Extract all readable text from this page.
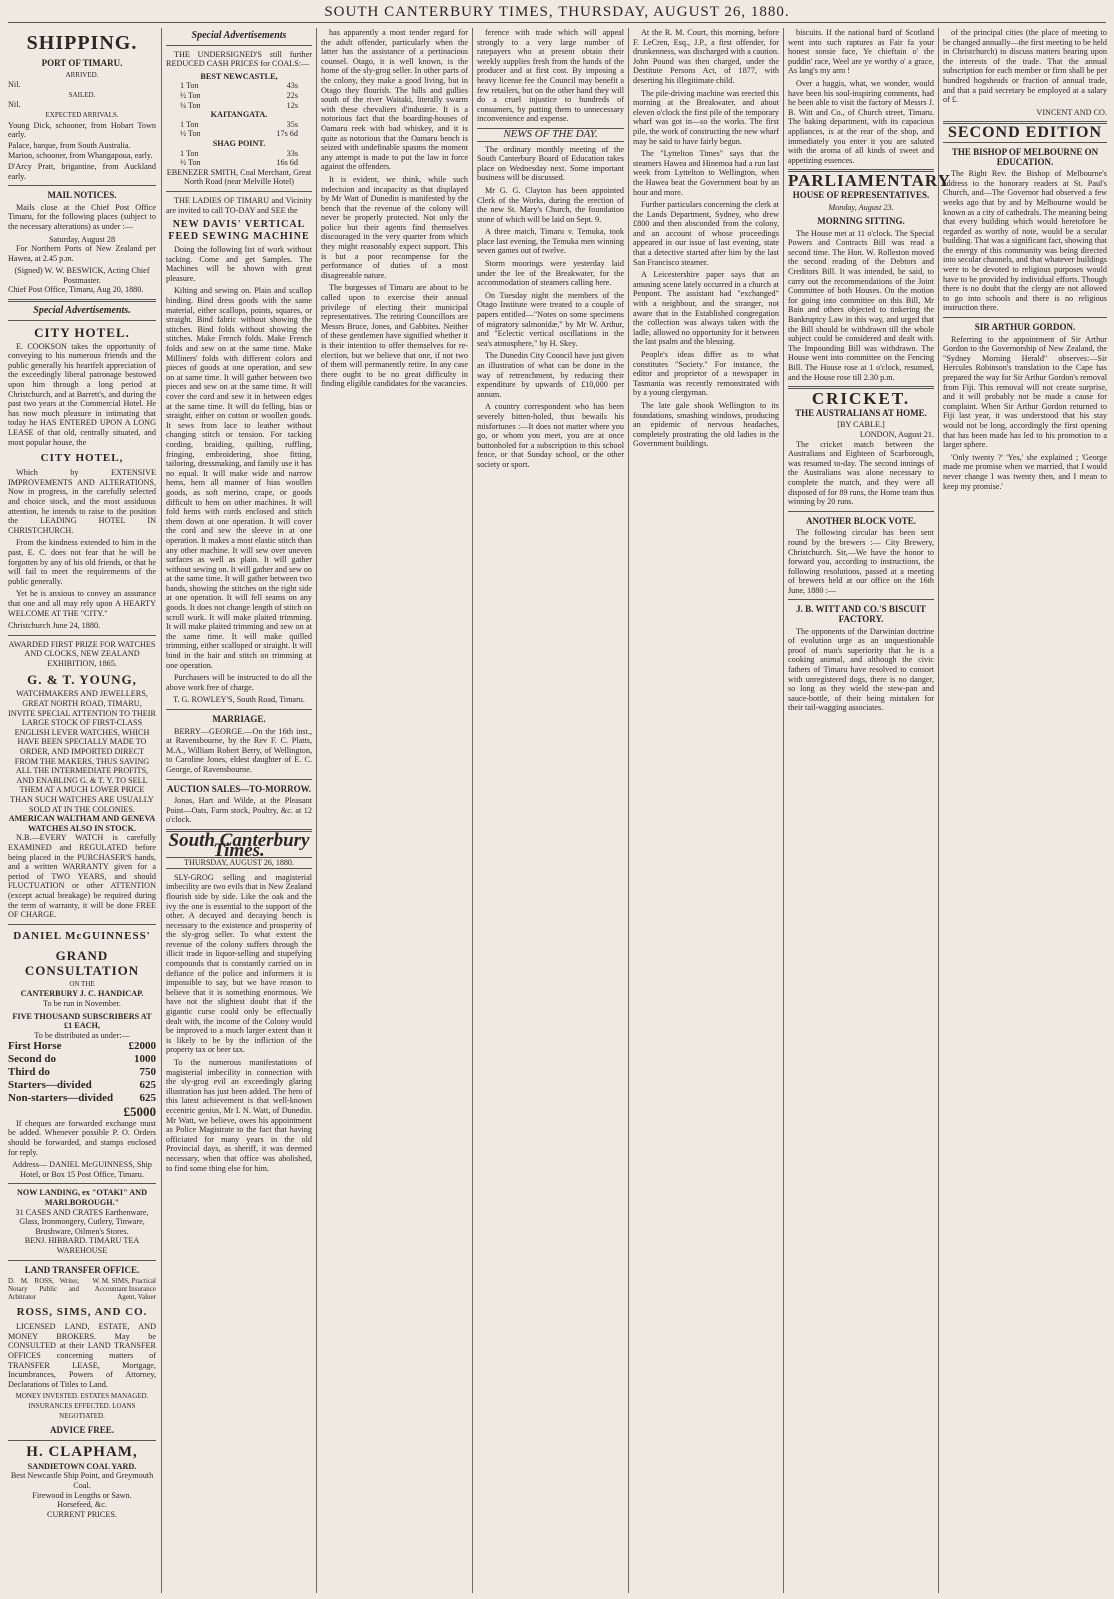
SOUTH CANTERBURY TIMES, THURSDAY, AUGUST 26, 1880.
SHIPPING.
PORT OF TIMARU.
ARRIVED.
Nil.
SAILED.
Nil.
EXPECTED ARRIVALS.
Young Dick, schooner, from Hobart Town early.
Palace, barque, from South Australia.
Marion, schooner, from Whangapoua, early.
D'Arcy Pratt, brigantine, from Auckland early.
MAIL NOTICES.

Mails close at the Chief Post Office Timaru, for the following places (subject to the necessary alterations) as under :—

Saturday, August 28

For Northern Ports of New Zealand per Hawea, at 2.45 p.m.

(Signed) W. W. BESWICK, Acting Chief Postmaster.
Chief Post Office, Timaru, Aug 20, 1880.
Special Advertisements.
CITY HOTEL.

E. COOKSON takes the opportunity of conveying to his numerous friends and the public generally his heartfelt appreciation of the exceedingly liberal patronage bestowed upon him through a long period at Christchurch, and at Barrett's, and during the past two years at the Commercial Hotel. He has now much pleasure in intimating that today he HAS ENTERED UPON A LONG LEASE of that old, centrally situated, and most popular house, the

CITY HOTEL,

Which by EXTENSIVE IMPROVEMENTS AND ALTERATIONS, Now in progress, in the carefully selected and choice stock, and the most assiduous attention, he intends to raise to the position the LEADING HOTEL IN CHRISTCHURCH.

From the kindness extended to him in the past, E. C. does not fear that he will be forgotten by any of his old friends, or that he will fail to meet the requirements of the public generally.

Yet he is anxious to convey an assurance that one and all may rely upon A HEARTY WELCOME AT THE "CITY."

Christchurch June 24, 1880.
AWARDED FIRST PRIZE FOR WATCHES AND CLOCKS, NEW ZEALAND EXHIBITION, 1865.
G. & T. YOUNG,
WATCHMAKERS AND JEWELLERS, GREAT NORTH ROAD, TIMARU, INVITE SPECIAL ATTENTION TO THEIR LARGE STOCK OF FIRST-CLASS ENGLISH LEVER WATCHES, WHICH HAVE BEEN SPECIALLY MADE TO ORDER, AND IMPORTED DIRECT FROM THE MAKERS, THUS SAVING ALL THE INTERMEDIATE PROFITS, AND ENABLING G. & T. Y. TO SELL THEM AT A MUCH LOWER PRICE THAN SUCH WATCHES ARE USUALLY SOLD AT IN THE COLONIES.
AMERICAN WALTHAM AND GENEVA WATCHES ALSO IN STOCK.

N.B.—EVERY WATCH is carefully EXAMINED and REGULATED before being placed in the PURCHASER'S hands, and a written WARRANTY given for a period of TWO YEARS, and should FLUCTUATION or other ATTENTION (except actual breakage) be required during the term of warranty, it will be done FREE OF CHARGE.

DANIEL McGUINNESS'
GRAND CONSULTATION
ON THE
CANTERBURY J. C. HANDICAP.
To be run in November.
FIVE THOUSAND SUBSCRIBERS AT £1 EACH,
To be distributed as under:—
First Horse	£2000
Second do	1000
Third do	750
Starters—divided	625
Non-starters—divided 625
£5000

If cheques are forwarded exchange must be added. Whenever possible P. O. Orders should be forwarded, and stamps enclosed for reply.

Address— DANIEL McGUINNESS, Ship Hotel, or Box 15 Post Office, Timaru.
NOW LANDING, ex "OTAKI" AND MARLBOROUGH."
31 CASES AND CRATES Earthenware, Glass, Ironmongery, Cutlery, Tinware, Brushware, Oilmen's Stores.
BENJ. HIBBARD. TIMARU TEA WAREHOUSE
LAND TRANSFER OFFICE.
D. M. ROSS, Writer, Notary Public and Arbitrator
W. M. SIMS, Practical Accountant Insurance Agent, Valuer
ROSS, SIMS, AND CO.

LICENSED LAND, ESTATE, AND MONEY BROKERS. May be CONSULTED at their LAND TRANSFER OFFICES concerning matters of TRANSFER LEASE, Mortgage, Incumbrances, Powers of Attorney, Declarations of Titles to Land.

MONEY INVESTED. ESTATES MANAGED. INSURANCES EFFECTED. LOANS NEGOTIATED.
ADVICE FREE.
H. CLAPHAM,
SANDIETOWN COAL YARD.
Best Newcastle Ship Point, and Greymouth Coal.
Firewood in Lengths or Sawn.
Horsefeed, &c.
CURRENT PRICES.
Special Advertisements

THE UNDERSIGNED'S still further REDUCED CASH PRICES for COALS:—

BEST NEWCASTLE,
1 Ton	43s
½ Ton	22s
¼ Ton	12s
KAITANGATA.
1 Ton	35s
½ Ton	17s 6d
SHAG POINT.
1 Ton	33s
½ Ton	16s 6d
EBENEZER SMITH, Coal Merchant, Great North Road (near Melville Hotel)

THE LADIES OF TIMARU and Vicinity are invited to call TO-DAY and SEE the

NEW DAVIS' VERTICAL FEED SEWING MACHINE

Doing the following list of work without tacking. Come and get Samples. The Machines will be shown with great pleasure.

Kilting and sewing on. Plain and scallop binding. Bind dress goods with the same material, either scallops, points, squares, or straight. Bind fabric without showing the stitches. Bind folds without showing the stitches. Make French folds. Make French folds and sew on at the same time. Make Milliners' folds with different colors and pieces of goods at one operation, and sew on at same time. It will gather between two pieces and sew on at the same time. It will cover the cord and sew it in between edges at the same time. It will do felling, bias or straight, either on cotton or woollen goods. It sews from lace to leather without changing stitch or tension. For tacking cording, braiding, quilting, ruffling, fringing, embroidering, shoe fitting, tailoring, dressmaking, and family use it has no equal. It will make wide and narrow hems, hem all manner of bias woollen goods, as soft merino, crape, or goods difficult to hem on other machines. It will fold hems with cords enclosed and stitch them down at one operation. It will cover the cord and sew the sleeve in at one operation. It makes a most elastic stitch than any other machine. It will sew over uneven surfaces as well as plain. It will gather without sewing on. It will gather and sew on at the same time. It will gather between two bands, showing the stitches on the right side at one operation. It will fell seams on any goods. It does not change length of stitch on scroll work. It will make plaited trimming. It will make plaited trimming and sew on at the same time. It will make quilled trimming, either scalloped or straight. It will bind in the hair and stitch on trimming at one operation.

Purchasers will be instructed to do all the above work free of charge.

T. G. ROWLEY'S, South Road, Timaru.
MARRIAGE.

BERRY—GEORGE.—On the 16th inst., at Ravensbourne, by the Rev F. C. Platts, M.A., William Robert Berry, of Wellington, to Caroline Jones, eldest daughter of E. C. George, of Ravensbourne.

AUCTION SALES—TO-MORROW.

Jonas, Hart and Wilde, at the Pleasant Point—Oats, Farm stock, Poultry, &c. at 12 o'clock.

South Canterbury Times.
THURSDAY, AUGUST 26, 1880.

SLY-GROG selling and magisterial imbecility are two evils that in New Zealand flourish side by side. Like the oak and the ivy the one is essential to the support of the other. A decayed and decaying bench is necessary to the existence and prosperity of the sly-grog seller. To what extent the revenue of the colony suffers through the illicit trade in liquor-selling and stupefying compounds that is constantly carried on in defiance of the police and informers it is impossible to say, but we have reason to believe that it is something enormous. We have not the slightest doubt that if the gigantic curse could only be effectually dealt with, the income of the Colony would be improved to a much larger extent than it is likely to be by the infliction of the property tax or beer tax.

To the numerous manifestations of magisterial imbecility in connection with the sly-grog evil an exceedingly glaring illustration has just been added. The hero of this latest achievement is that well-known eccentric genius, Mr I. N. Watt, of Dunedin. Mr Watt, we believe, owes his appointment as Police Magistrate to the fact that having officiated for many years in the old Provincial days, as sheriff, it was deemed necessary, when that office was abolished, to find some thing else for him.

has apparently a most tender regard for the adult offender, particularly when the latter has the assistance of a pertinacious counsel. Otago, it is well known, is the home of the sly-grog seller. In other parts of the colony, they make a good living, but in Otago they flourish. The hills and gullies south of the river Waitaki, literally swarm with these chevaliers d'industrie. It is a notorious fact that the boarding-houses of Oamaru reek with bad whiskey, and it is quite as notorious that the Oamaru bench is seized with undefinable spasms the moment any attempt is made to put the law in force against the offenders.

It is evident, we think, while such indecision and incapacity as that displayed by Mr Watt of Dunedin is manifested by the bench that the revenue of the colony will never be properly protected. Not only the police but their agents find themselves discouraged in the very quarter from which they might reasonably expect support. This is but a poor recompense for the performance of duties of a most disagreeable nature.

The burgesses of Timaru are about to be called upon to exercise their annual privilege of electing their municipal representatives. The retiring Councillors are Messrs Bruce, Jones, and Gabbites. Neither of these gentlemen have signified whether it is their intention to offer themselves for re-election, but we believe that one, if not two of them will permanently retire. In any case there ought to be no great difficulty in finding eligible candidates for the vacancies.

ference with trade which will appeal strongly to a very large number of ratepayers who at present obtain their weekly supplies fresh from the hands of the producer and at first cost. By imposing a heavy license fee the Council may benefit a few retailers, but on the other hand they will do a cruel injustice to hundreds of consumers, by putting them to unnecessary inconvenience and expense.

NEWS OF THE DAY.

The ordinary monthly meeting of the South Canterbury Board of Education takes place on Wednesday next. Some important business will be discussed.

Mr G. G. Clayton has been appointed Clerk of the Works, during the erection of the new St. Mary's Church, the foundation stone of which will be laid on Sept. 9.

A three match, Timaru v. Temuka, took place last evening, the Temuka men winning seven games out of twelve.

Storm moorings were yesterday laid under the lee of the Breakwater, for the accommodation of steamers calling here.

On Tuesday night the members of the Otago Institute were treated to a couple of papers entitled—"Notes on some specimens of migratory salmonidæ," by Mr W. Arthur, and "Eclectic vertical oscillations in the sea's atmosphere," by H. Skey.

The Dunedin City Council have just given an illustration of what can be done in the way of retrenchment, by reducing their expenditure by upwards of £10,000 per annum.

A country correspondent who has been severely bitten-holed, thus bewails his misfortunes :—It does not matter where you go, or whom you meet, you are at once buttonholed for a subscription to this school fence, or that Sunday school, or the other society or sport.

At the R. M. Court, this morning, before F. LeCren, Esq., J.P., a first offender, for drunkenness, was discharged with a caution. John Pound was then charged, under the Destitute Persons Act, of 1877, with deserting his illegitimate child.

The pile-driving machine was erected this morning at the Breakwater, and about eleven o'clock the first pile of the temporary wharf was got in—so the works. The first pile, the work of constructing the new wharf may be said to have fairly begun.

The "Lyttelton Times" says that the steamers Hawea and Hinemoa had a run last week from Lyttelton to Wellington, when the Hawea beat the Government boat by an hour and more.

Further particulars concerning the clerk at the Lands Department, Sydney, who drew £800 and then absconded from the colony, and an account of whose proceedings appeared in our issue of last evening, state that a detective started after him by the last San Francisco steamer.

A Leicestershire paper says that an amusing scene lately occurred in a church at Penpont. The assistant had "exchanged" with a neighbour, and the stranger, not aware that in the Established congregation the collection was always taken with the ladle, allowed no opportunity for it between the last psalm and the blessing.

People's ideas differ as to what constitutes "Society." For instance, the editor and proprietor of a newspaper in Tasmania was recently remonstrated with by a young clergyman.

The late gale shook Wellington to its foundations, smashing windows, producing an epidemic of nervous headaches, completely prostrating the old ladies in the Government buildings.

biscuits. If the national bard of Scotland went into such raptures as Fair fa your honest sonsie face, Ye chieftain o' the puddin' race, Weel are ye worthy o' a grace, As lang's my arm !

Over a haggis, what, we wonder, would have been his soul-inspiring comments, had he been able to visit the factory of Messrs J. B. Witt and Co., of Church street, Timaru. The baking department, with its capacious appliances, is at the rear of the shop, and immediately you enter it you are saluted with the aroma of all kinds of sweet and appetizing essences.

PARLIAMENTARY
HOUSE OF REPRESENTATIVES.
Monday, August 23.
MORNING SITTING.

The House met at 11 o'clock. The Special Powers and Contracts Bill was read a second time. The Hon. W. Rolleston moved the second reading of the Debtors and Creditors Bill. It was intended, he said, to carry out the recommendations of the Joint Committee of both Houses. On the motion for going into committee on this Bill, Mr Bain and others objected to tinkering the Bankruptcy Law in this way, and urged that the Bill should be withdrawn till the whole subject could be considered and dealt with. The Impounding Bill was withdrawn. The House went into committee on the Fencing Bill. The House rose at 1 o'clock, resumed, and the House rose till 2.30 p.m.

CRICKET.
THE AUSTRALIANS AT HOME.
[BY CABLE.]
LONDON, August 21.

The cricket match between the Australians and Eighteen of Scarborough, was resumed to-day. The second innings of the Australians was alone necessary to complete the match, and they were all disposed of for 89 runs, the Home team thus winning by 20 runs.

ANOTHER BLOCK VOTE.

The following circular has been sent round by the brewers :— City Brewery, Christchurch. Sir,—We have the honor to forward you, according to instructions, the following resolutions, passed at a meeting of brewers held at our office on the 16th June, 1880 :—

J. B. WITT AND CO.'S BISCUIT FACTORY.

The opponents of the Darwinian doctrine of evolution urge as an unquestionable proof of man's superiority that he is a cooking animal, and although the civic fathers of Timaru have resolved to consort with unregistered dogs, there is no danger, so long as they wield the stew-pan and sauce-bottle, of their being mistaken for their tail-wagging associates.

of the principal cities (the place of meeting to be changed annually—the first meeting to be held in Christchurch) to discuss matters bearing upon the interests of the trade. That the annual subscription for each member or firm shall be per hundred hogsheads or fraction of annual trade, and that a paid secretary be employed at a salary of £.

VINCENT AND CO.
SECOND EDITION
THE BISHOP OF MELBOURNE ON EDUCATION.

The Right Rev. the Bishop of Melbourne's address to the honorary readers at St. Paul's Church, and—The Governor had observed a few weeks ago that by and by Melbourne would be known as a city of cathedrals. The meaning being that every building which would heretofore be regarded as worthy of note, would be a secular building. That was a significant fact, showing that the energy of this community was being directed into secular channels, and that whatever buildings were to be devoted to religious purposes would have to be provided by individual efforts. Though there is no doubt that the clergy are not allowed to go into schools and there is no religious instruction there.

SIR ARTHUR GORDON.

Referring to the appointment of Sir Arthur Gordon to the Governorship of New Zealand, the "Sydney Morning Herald" observes:—Sir Hercules Robinson's translation to the Cape has prepared the way for Sir Arthur Gordon's removal from Fiji. This removal will not create surprise, and it will probably not be made a cause for complaint. When Sir Arthur Gordon returned to Fiji last year, it was understood that his stay would not be long, accordingly the first opening that has been made has led to his promotion to a larger sphere.

'Only twenty ?' 'Yes,' she explained ; 'George made me promise when we married, that I would never change I was twenty then, and I mean to keep my promise.'
